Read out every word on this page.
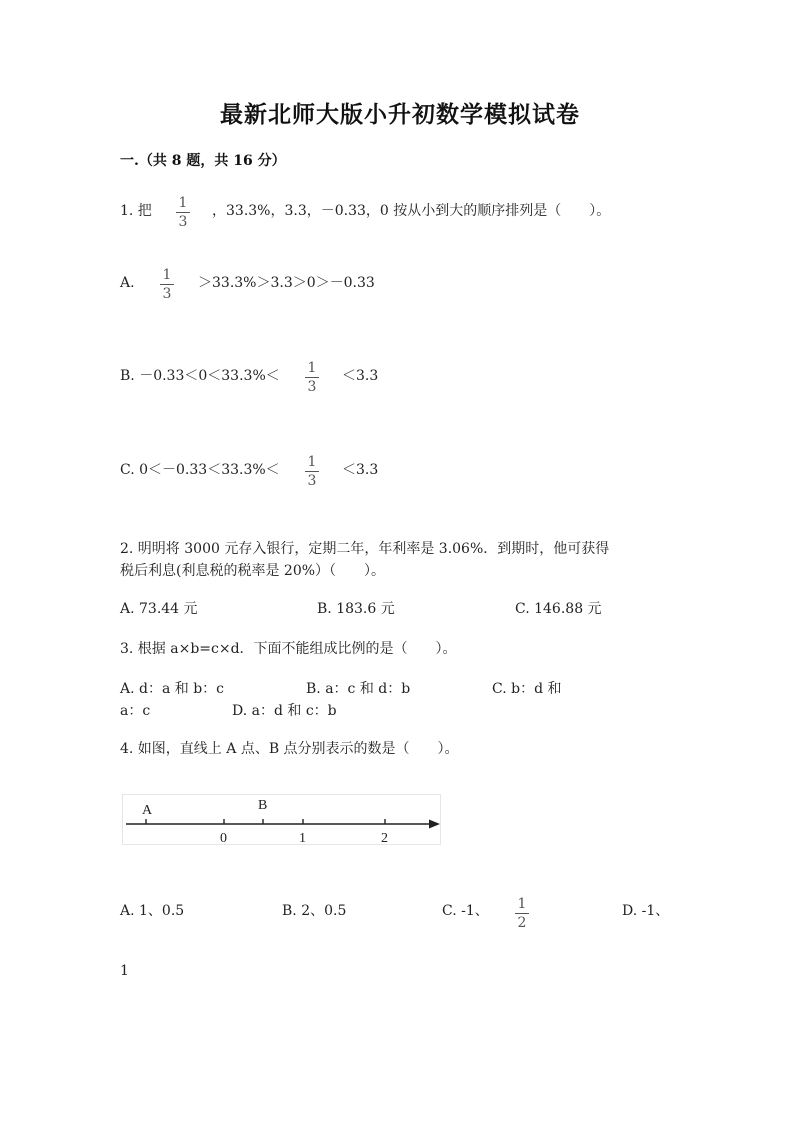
最新北师大版小升初数学模拟试卷
一.（共 8 题，共 16 分）
1. 把 1
3
，33.3%，3.3，－0.33，0 按从小到大的顺序排列是（　　）。
A. 1
3
＞33.3%＞3.3＞0＞－0.33
B. －0.33＜0＜33.3%＜ 1
3
＜3.3
C. 0＜－0.33＜33.3%＜ 1
3
＜3.3
2. 明明将 3000 元存入银行，定期二年，年利率是 3.06%．到期时，他可获得
税后利息(利息税的税率是 20%）（　　）。
A. 73.44 元	B. 183.6 元	C. 146.88 元
3. 根据 a×b=c×d．下面不能组成比例的是（　　）。
A. d：a 和 b：c	B. a：c 和 d：b	C. b：d 和
a：c	D. a：d 和 c：b
4. 如图，直线上 A 点、B 点分别表示的数是（　　）。
A	B
0	1	2
A. 1、0.5	B. 2、0.5	C. -1、 1
2
D. -1、
1
